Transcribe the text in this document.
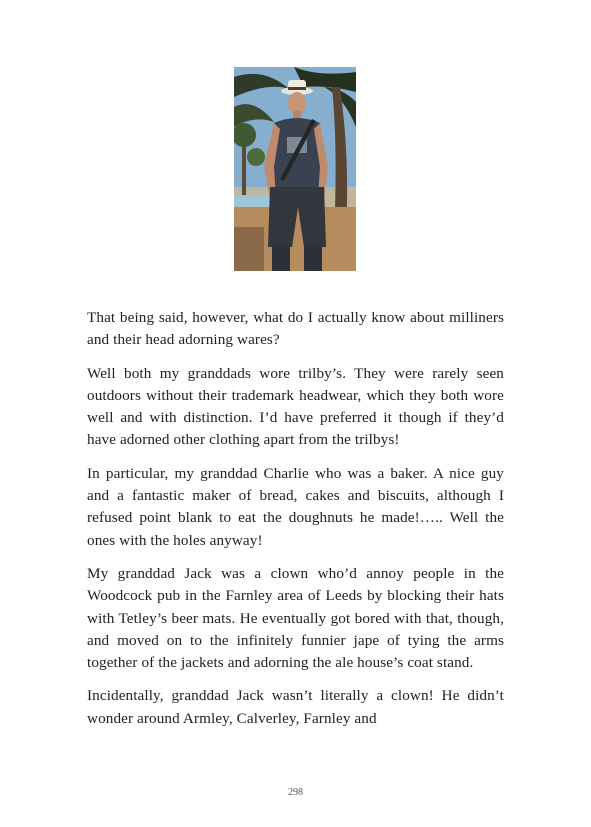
That being said, however, what do I actually know about milliners and their head adorning wares?

Well both my granddads wore trilby’s. They were rarely seen outdoors without their trademark headwear, which they both wore well and with distinction. I’d have preferred it though if they’d have adorned other clothing apart from the trilbys!

In particular, my granddad Charlie who was a baker. A nice guy and a fantastic maker of bread, cakes and biscuits, although I refused point blank to eat the doughnuts he made!….. Well the ones with the holes anyway!

My granddad Jack was a clown who’d annoy people in the Woodcock pub in the Farnley area of Leeds by blocking their hats with Tetley’s beer mats. He eventually got bored with that, though, and moved on to the infinitely funnier jape of tying the arms together of the jackets and adorning the ale house’s coat stand.

Incidentally, granddad Jack wasn’t literally a clown! He didn’t wonder around Armley, Calverley, Farnley and

298
